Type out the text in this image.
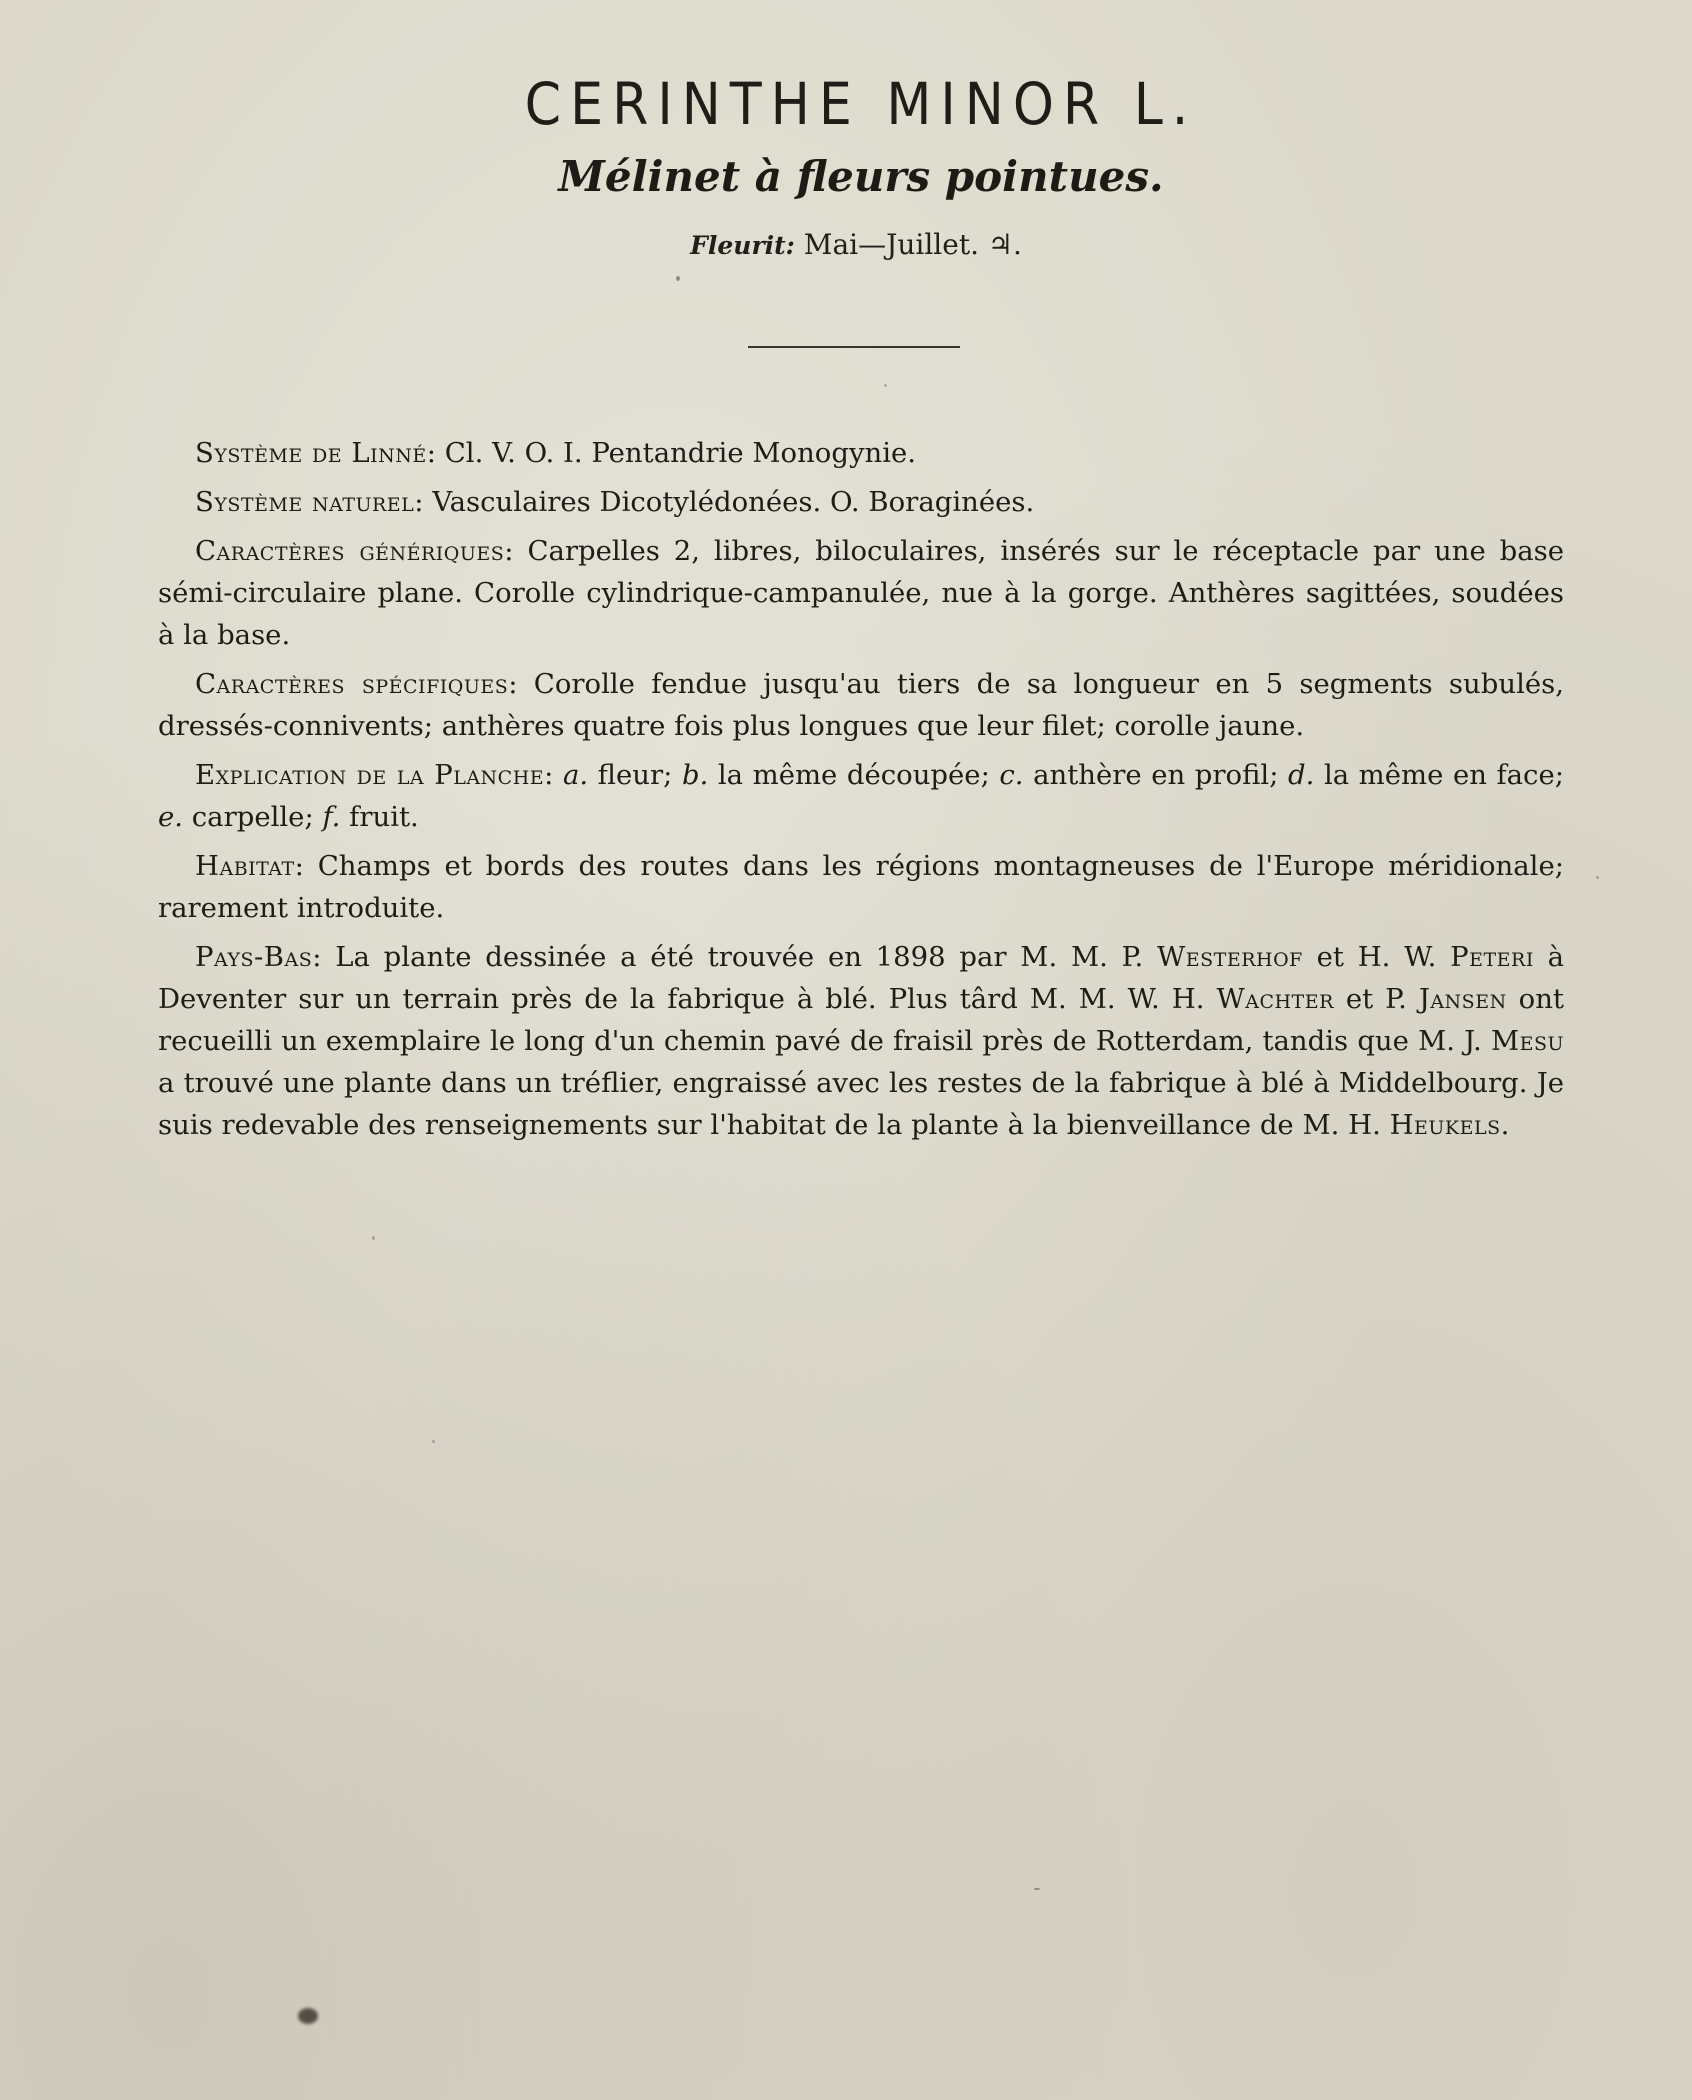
CERINTHE MINOR L.
Mélinet à fleurs pointues.
Fleurit: Mai—Juillet. ♃.

Système de Linné: Cl. V. O. I. Pentandrie Monogynie.

Système naturel: Vasculaires Dicotylédonées. O. Boraginées.

Caractères génériques: Carpelles 2, libres, biloculaires, insérés sur le réceptacle par une base sémi-circulaire plane. Corolle cylindrique-campanulée, nue à la gorge. Anthères sagittées, soudées à la base.

Caractères spécifiques: Corolle fendue jusqu'au tiers de sa longueur en 5 segments subulés, dressés-connivents; anthères quatre fois plus longues que leur filet; corolle jaune.

Explication de la Planche: a. fleur; b. la même découpée; c. anthère en profil; d. la même en face; e. carpelle; f. fruit.

Habitat: Champs et bords des routes dans les régions montagneuses de l'Europe méridionale; rarement introduite.

Pays-Bas: La plante dessinée a été trouvée en 1898 par M. M. P. Westerhof et H. W. Peteri à Deventer sur un terrain près de la fabrique à blé. Plus târd M. M. W. H. Wachter et P. Jansen ont recueilli un exemplaire le long d'un chemin pavé de fraisil près de Rotterdam, tandis que M. J. Mesu a trouvé une plante dans un tréflier, engraissé avec les restes de la fabrique à blé à Middelbourg. Je suis redevable des renseignements sur l'habitat de la plante à la bienveillance de M. H. Heukels.
